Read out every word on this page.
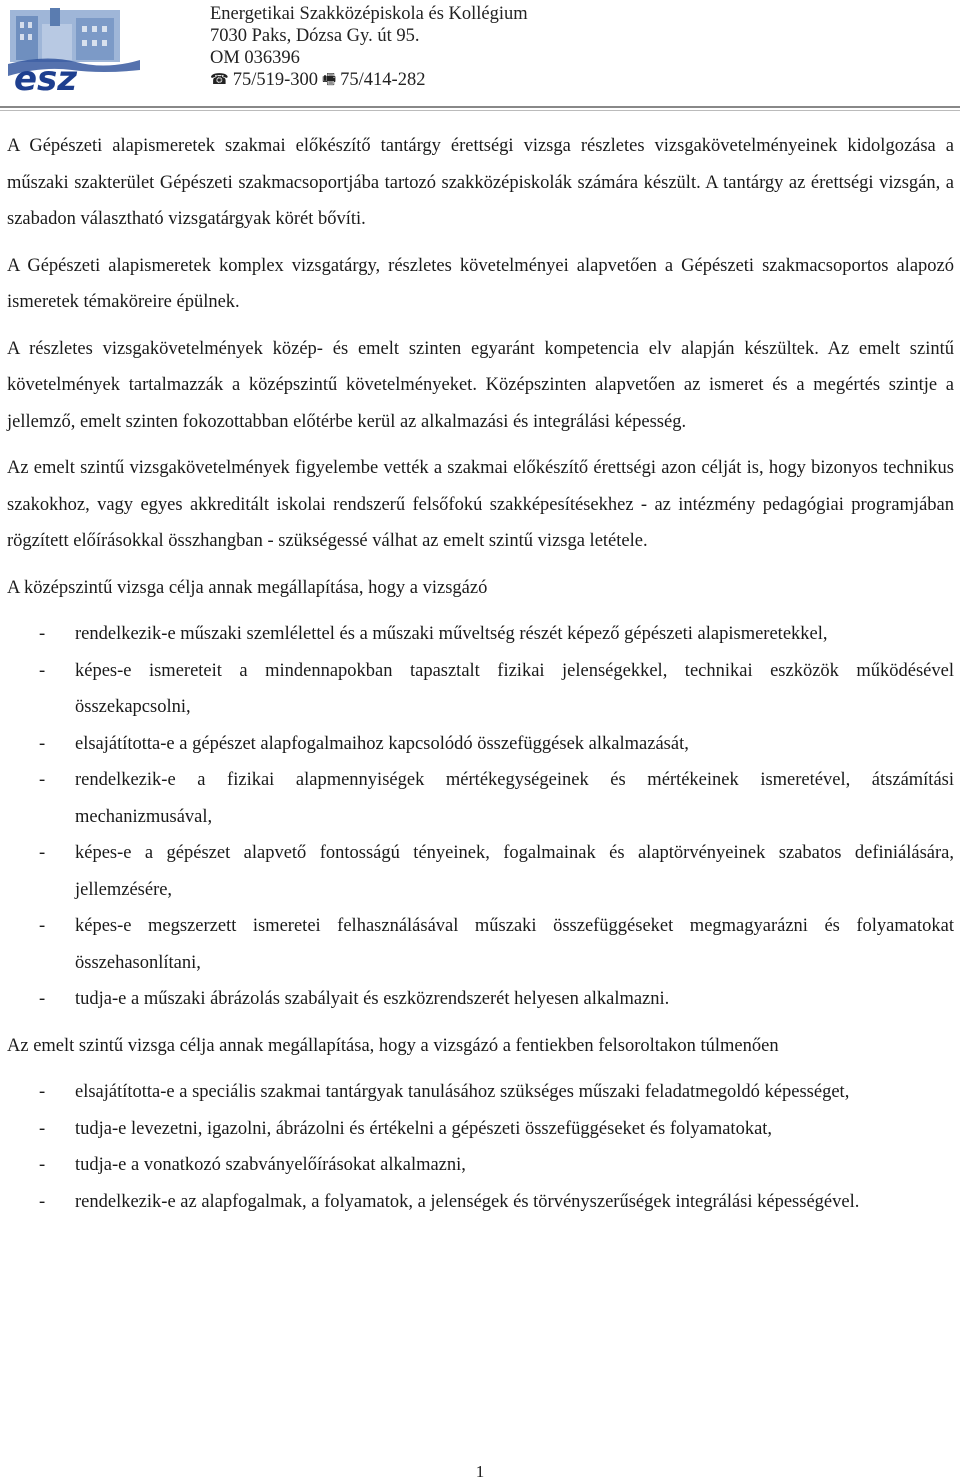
esz
Energetikai Szakközépiskola és Kollégium
7030 Paks, Dózsa Gy. út 95.
OM 036396
☎ 75/519-300 🖷 75/414-282

A Gépészeti alapismeretek szakmai előkészítő tantárgy érettségi vizsga részletes vizsgakövetelményeinek kidolgozása a műszaki szakterület Gépészeti szakmacsoportjába tartozó szakközépiskolák számára készült. A tantárgy az érettségi vizsgán, a szabadon választható vizsgatárgyak körét bővíti.

A Gépészeti alapismeretek komplex vizsgatárgy, részletes követelményei alapvetően a Gépészeti szakmacsoportos alapozó ismeretek témaköreire épülnek.

A részletes vizsgakövetelmények közép- és emelt szinten egyaránt kompetencia elv alapján készültek. Az emelt szintű követelmények tartalmazzák a középszintű követelményeket. Középszinten alapvetően az ismeret és a megértés szintje a jellemző, emelt szinten fokozottabban előtérbe kerül az alkalmazási és integrálási képesség.

Az emelt szintű vizsgakövetelmények figyelembe vették a szakmai előkészítő érettségi azon célját is, hogy bizonyos technikus szakokhoz, vagy egyes akkreditált iskolai rendszerű felsőfokú szakképesítésekhez - az intézmény pedagógiai programjában rögzített előírásokkal összhangban - szükségessé válhat az emelt szintű vizsga letétele.

A középszintű vizsga célja annak megállapítása, hogy a vizsgázó

- rendelkezik-e műszaki szemlélettel és a műszaki műveltség részét képező gépészeti alapismeretekkel,
- képes-e ismereteit a mindennapokban tapasztalt fizikai jelenségekkel, technikai eszközök működésével összekapcsolni,
- elsajátította-e a gépészet alapfogalmaihoz kapcsolódó összefüggések alkalmazását,
- rendelkezik-e a fizikai alapmennyiségek mértékegységeinek és mértékeinek ismeretével, átszámítási mechanizmusával,
- képes-e a gépészet alapvető fontosságú tényeinek, fogalmainak és alaptörvényeinek szabatos definiálására, jellemzésére,
- képes-e megszerzett ismeretei felhasználásával műszaki összefüggéseket megmagyarázni és folyamatokat összehasonlítani,
- tudja-e a műszaki ábrázolás szabályait és eszközrendszerét helyesen alkalmazni.

Az emelt szintű vizsga célja annak megállapítása, hogy a vizsgázó a fentiekben felsoroltakon túlmenően

- elsajátította-e a speciális szakmai tantárgyak tanulásához szükséges műszaki feladatmegoldó képességet,
- tudja-e levezetni, igazolni, ábrázolni és értékelni a gépészeti összefüggéseket és folyamatokat,
- tudja-e a vonatkozó szabványelőírásokat alkalmazni,
- rendelkezik-e az alapfogalmak, a folyamatok, a jelenségek és törvényszerűségek integrálási képességével.
1
